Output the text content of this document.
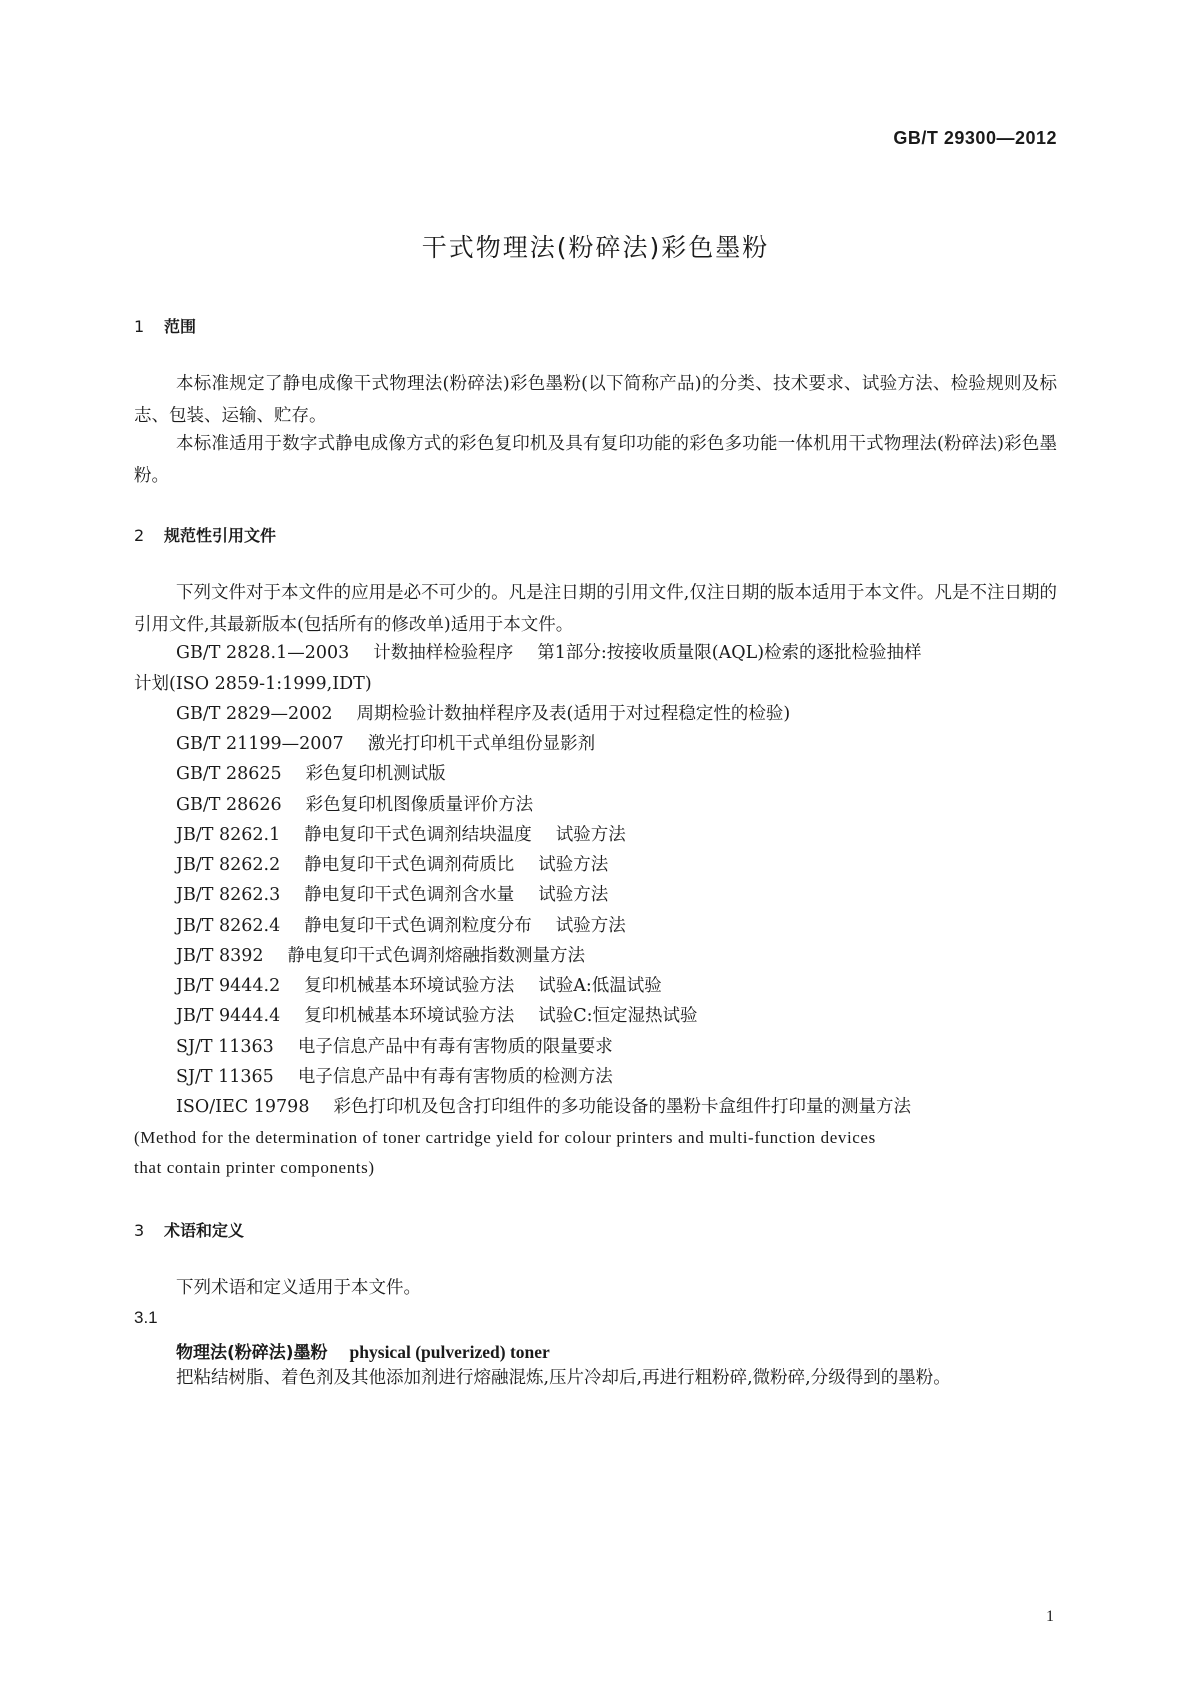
GB/T 29300—2012
干式物理法(粉碎法)彩色墨粉
1 范围
本标准规定了静电成像干式物理法(粉碎法)彩色墨粉(以下简称产品)的分类、技术要求、试验方法、检验规则及标志、包装、运输、贮存。
本标准适用于数字式静电成像方式的彩色复印机及具有复印功能的彩色多功能一体机用干式物理法(粉碎法)彩色墨粉。
2 规范性引用文件
下列文件对于本文件的应用是必不可少的。凡是注日期的引用文件,仅注日期的版本适用于本文件。凡是不注日期的引用文件,其最新版本(包括所有的修改单)适用于本文件。
GB/T 2828.1—2003 计数抽样检验程序 第1部分:按接收质量限(AQL)检索的逐批检验抽样
计划(ISO 2859-1:1999,IDT)
GB/T 2829—2002 周期检验计数抽样程序及表(适用于对过程稳定性的检验)
GB/T 21199—2007 激光打印机干式单组份显影剂
GB/T 28625 彩色复印机测试版
GB/T 28626 彩色复印机图像质量评价方法
JB/T 8262.1 静电复印干式色调剂结块温度 试验方法
JB/T 8262.2 静电复印干式色调剂荷质比 试验方法
JB/T 8262.3 静电复印干式色调剂含水量 试验方法
JB/T 8262.4 静电复印干式色调剂粒度分布 试验方法
JB/T 8392 静电复印干式色调剂熔融指数测量方法
JB/T 9444.2 复印机械基本环境试验方法 试验A:低温试验
JB/T 9444.4 复印机械基本环境试验方法 试验C:恒定湿热试验
SJ/T 11363 电子信息产品中有毒有害物质的限量要求
SJ/T 11365 电子信息产品中有毒有害物质的检测方法
ISO/IEC 19798 彩色打印机及包含打印组件的多功能设备的墨粉卡盒组件打印量的测量方法
(Method for the determination of toner cartridge yield for colour printers and multi-function devices
that contain printer components)
3 术语和定义
下列术语和定义适用于本文件。
3.1
物理法(粉碎法)墨粉 physical (pulverized) toner
把粘结树脂、着色剂及其他添加剂进行熔融混炼,压片冷却后,再进行粗粉碎,微粉碎,分级得到的墨粉。
1
